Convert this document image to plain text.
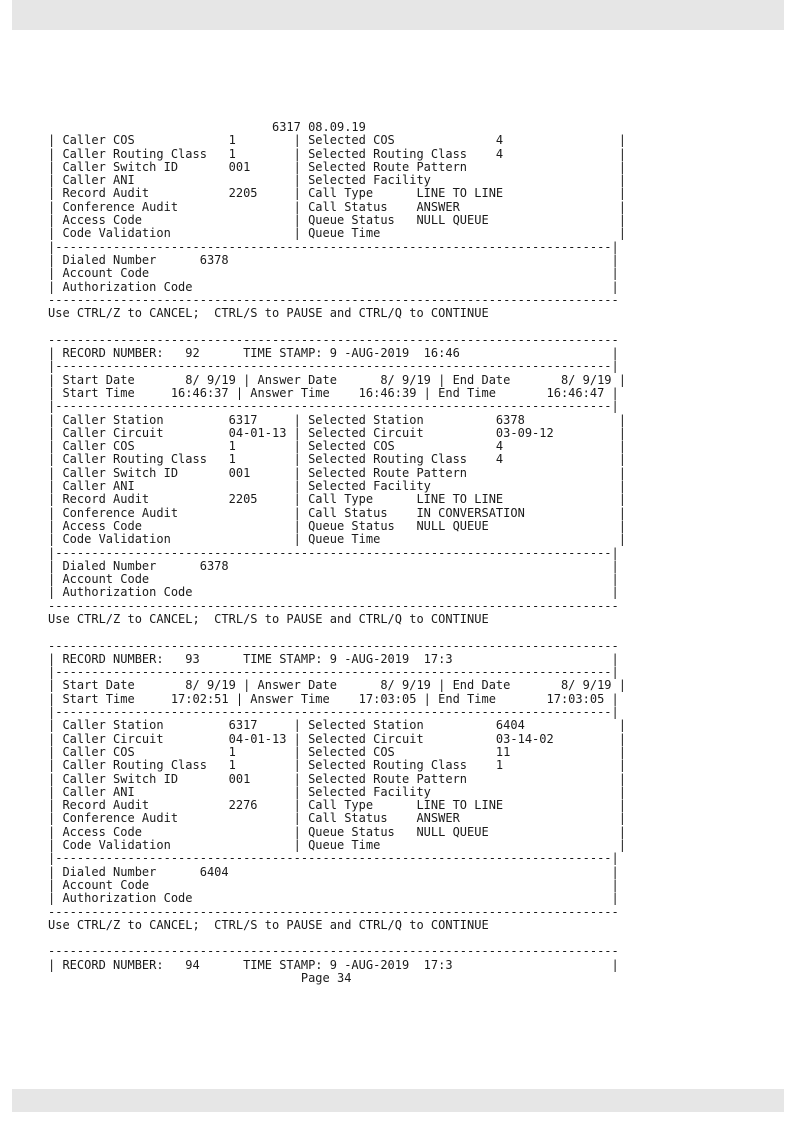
6317 08.09.19
| Caller COS             1        | Selected COS              4                |
| Caller Routing Class   1        | Selected Routing Class    4                |
| Caller Switch ID       001      | Selected Route Pattern                     |
| Caller ANI                      | Selected Facility                          |
| Record Audit           2205     | Call Type      LINE TO LINE                |
| Conference Audit                | Call Status    ANSWER                      |
| Access Code                     | Queue Status   NULL QUEUE                  |
| Code Validation                 | Queue Time                                 |
|-----------------------------------------------------------------------------|
| Dialed Number      6378                                                     |
| Account Code                                                                |
| Authorization Code                                                          |
-------------------------------------------------------------------------------
Use CTRL/Z to CANCEL;  CTRL/S to PAUSE and CTRL/Q to CONTINUE

-------------------------------------------------------------------------------
| RECORD NUMBER:   92      TIME STAMP: 9 -AUG-2019  16:46                     |
|-----------------------------------------------------------------------------|
| Start Date       8/ 9/19 | Answer Date      8/ 9/19 | End Date       8/ 9/19 |
| Start Time     16:46:37 | Answer Time    16:46:39 | End Time       16:46:47 |
|-----------------------------------------------------------------------------|
| Caller Station         6317     | Selected Station          6378             |
| Caller Circuit         04-01-13 | Selected Circuit          03-09-12         |
| Caller COS             1        | Selected COS              4                |
| Caller Routing Class   1        | Selected Routing Class    4                |
| Caller Switch ID       001      | Selected Route Pattern                     |
| Caller ANI                      | Selected Facility                          |
| Record Audit           2205     | Call Type      LINE TO LINE                |
| Conference Audit                | Call Status    IN CONVERSATION             |
| Access Code                     | Queue Status   NULL QUEUE                  |
| Code Validation                 | Queue Time                                 |
|-----------------------------------------------------------------------------|
| Dialed Number      6378                                                     |
| Account Code                                                                |
| Authorization Code                                                          |
-------------------------------------------------------------------------------
Use CTRL/Z to CANCEL;  CTRL/S to PAUSE and CTRL/Q to CONTINUE

-------------------------------------------------------------------------------
| RECORD NUMBER:   93      TIME STAMP: 9 -AUG-2019  17:3                      |
|-----------------------------------------------------------------------------|
| Start Date       8/ 9/19 | Answer Date      8/ 9/19 | End Date       8/ 9/19 |
| Start Time     17:02:51 | Answer Time    17:03:05 | End Time       17:03:05 |
|-----------------------------------------------------------------------------|
| Caller Station         6317     | Selected Station          6404             |
| Caller Circuit         04-01-13 | Selected Circuit          03-14-02         |
| Caller COS             1        | Selected COS              11               |
| Caller Routing Class   1        | Selected Routing Class    1                |
| Caller Switch ID       001      | Selected Route Pattern                     |
| Caller ANI                      | Selected Facility                          |
| Record Audit           2276     | Call Type      LINE TO LINE                |
| Conference Audit                | Call Status    ANSWER                      |
| Access Code                     | Queue Status   NULL QUEUE                  |
| Code Validation                 | Queue Time                                 |
|-----------------------------------------------------------------------------|
| Dialed Number      6404                                                     |
| Account Code                                                                |
| Authorization Code                                                          |
-------------------------------------------------------------------------------
Use CTRL/Z to CANCEL;  CTRL/S to PAUSE and CTRL/Q to CONTINUE

-------------------------------------------------------------------------------
| RECORD NUMBER:   94      TIME STAMP: 9 -AUG-2019  17:3                      |
Page 34
